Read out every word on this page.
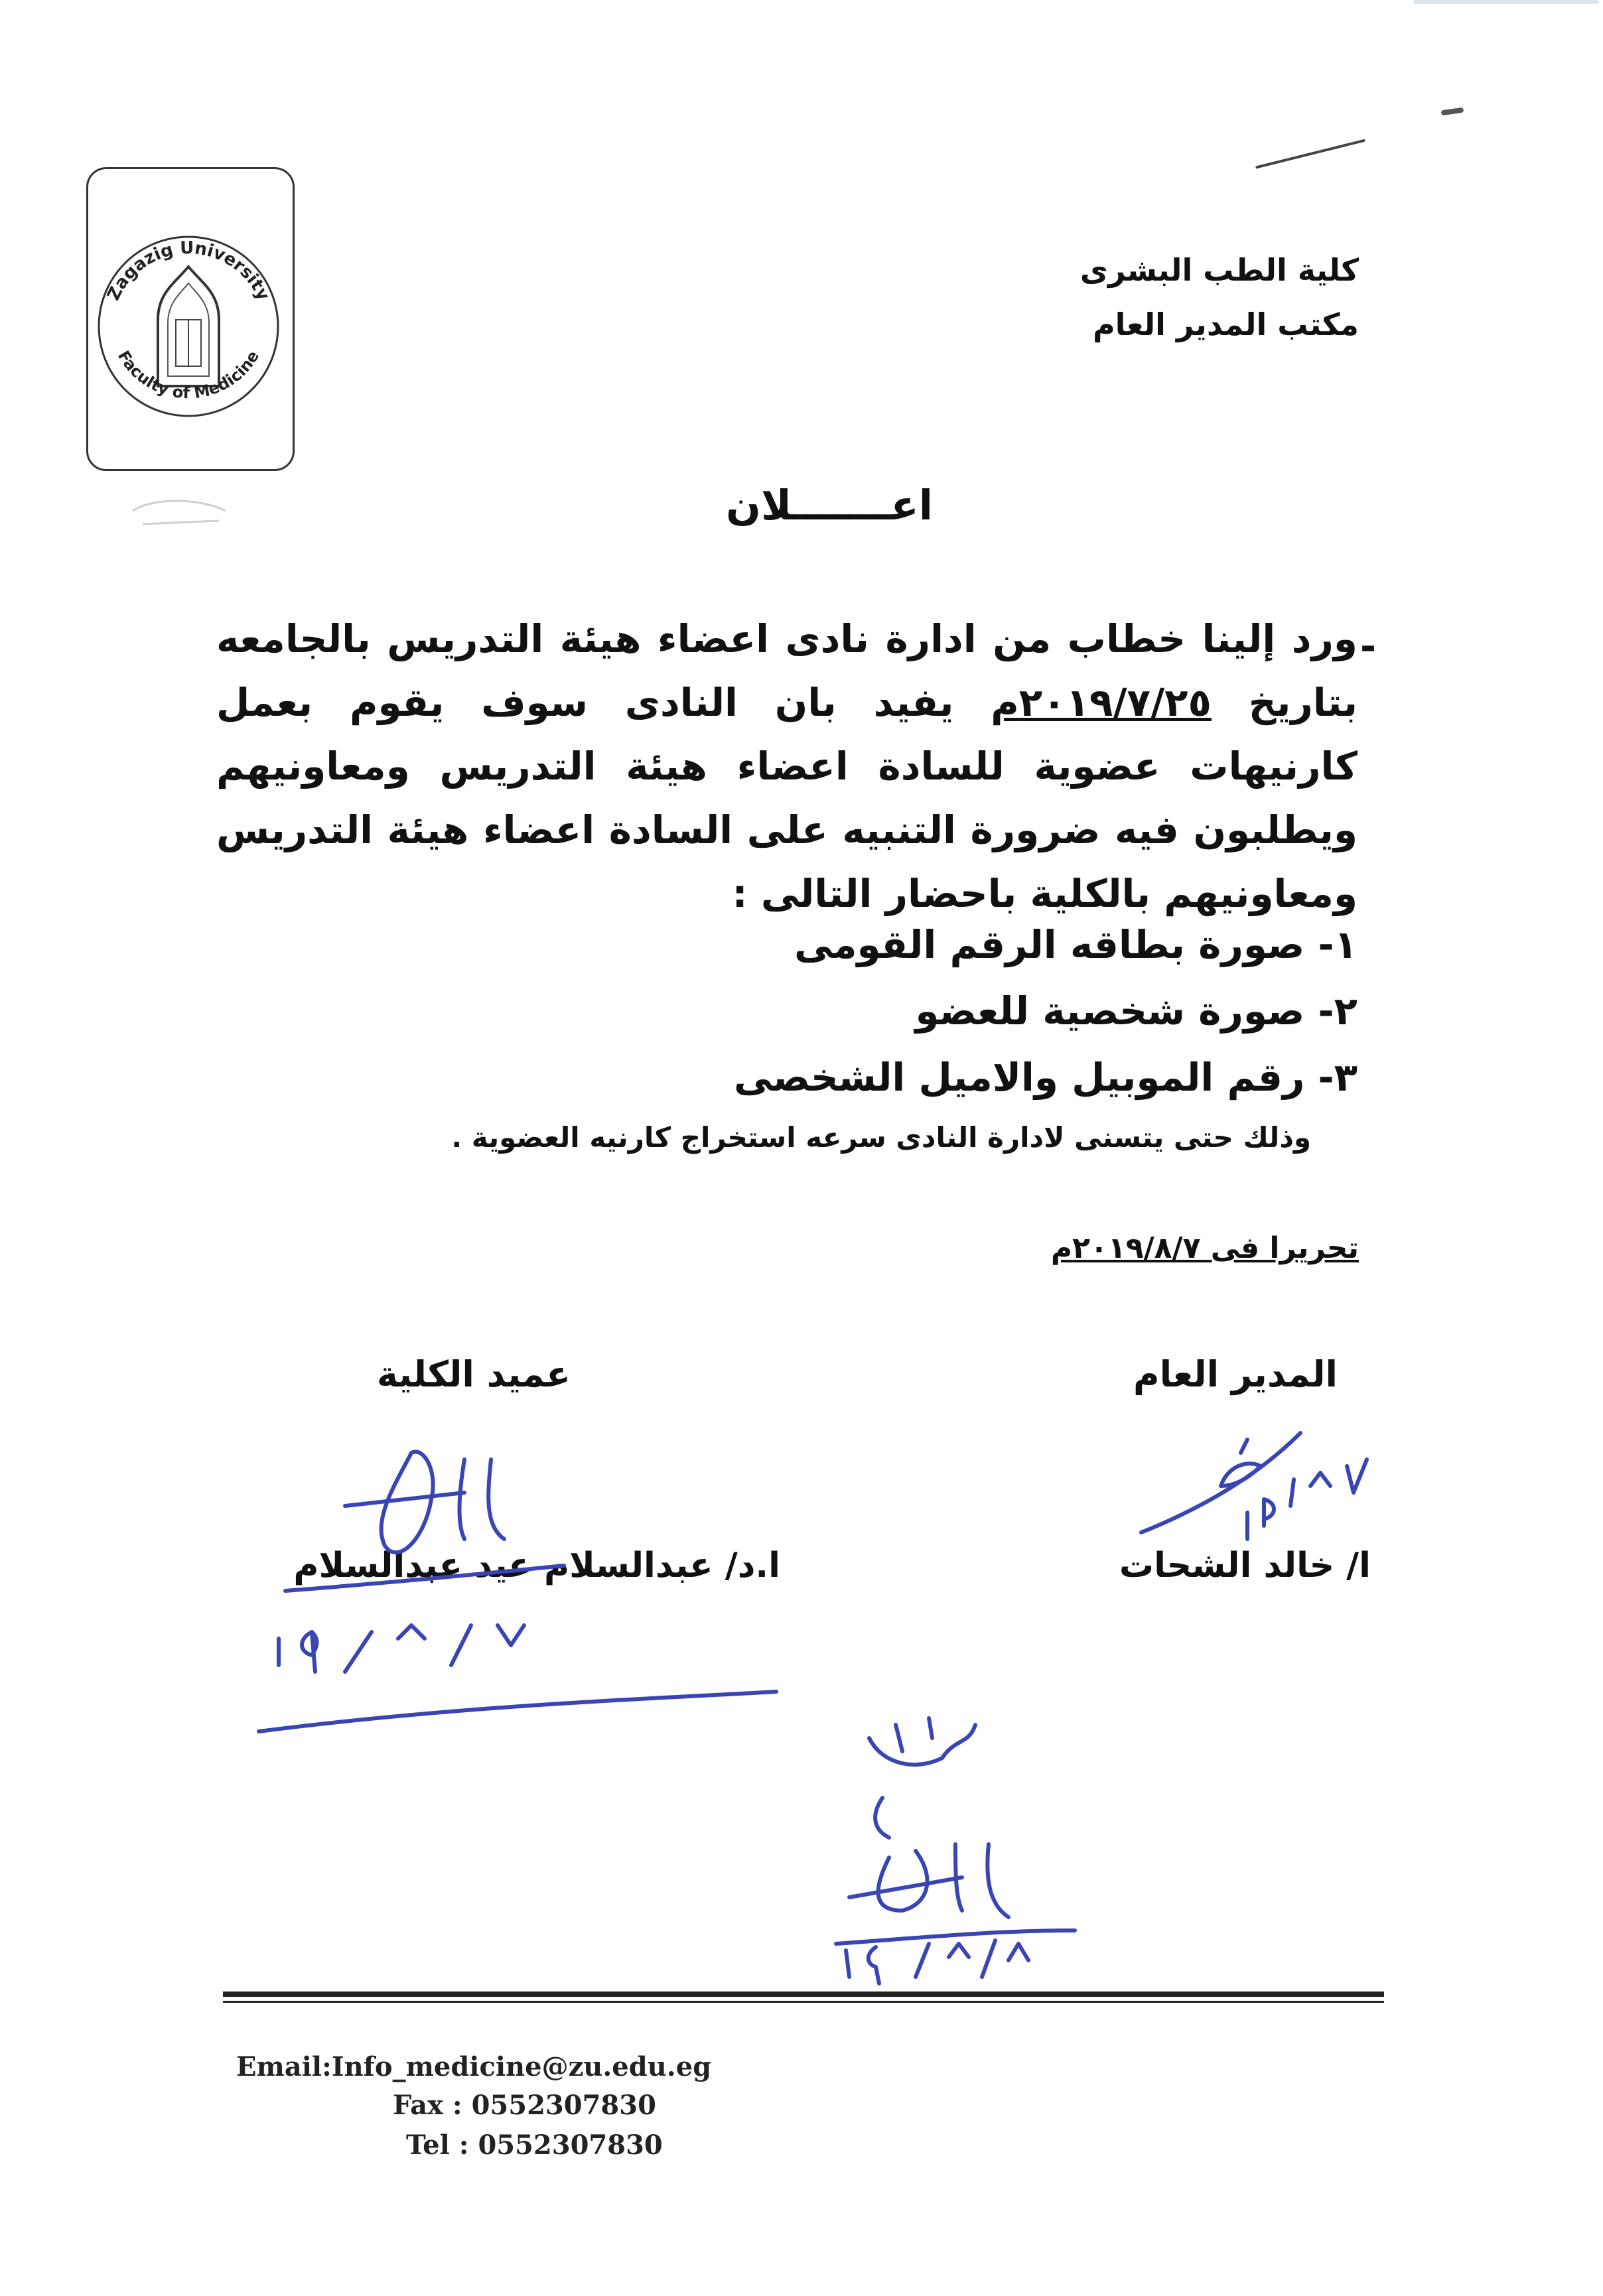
Zagazig University
Faculty of Medicine
كلية الطب البشرى
مكتب المدير العام
اعـــــــلان
-
ورد إلينا خطاب من ادارة نادى اعضاء هيئة التدريس بالجامعه
بتاريخ ٢٠١٩/٧/٢٥م يفيد بان النادى سوف يقوم بعمل
كارنيهات عضوية للسادة اعضاء هيئة التدريس ومعاونيهم
ويطلبون فيه ضرورة التنبيه على السادة اعضاء هيئة التدريس
ومعاونيهم بالكلية باحضار التالى :
١- صورة بطاقه الرقم القومى
٢- صورة شخصية للعضو
٣- رقم الموبيل والاميل الشخصى
وذلك حتى يتسنى لادارة النادى سرعه استخراج كارنيه العضوية .
تحريرا فى ٢٠١٩/٨/٧م
عميد الكلية	المدير العام
ا.د/ عبدالسلام عيد عبدالسلام	ا/ خالد الشحات
Email:Info_medicine@zu.edu.eg
Fax : 0552307830
Tel : 0552307830
